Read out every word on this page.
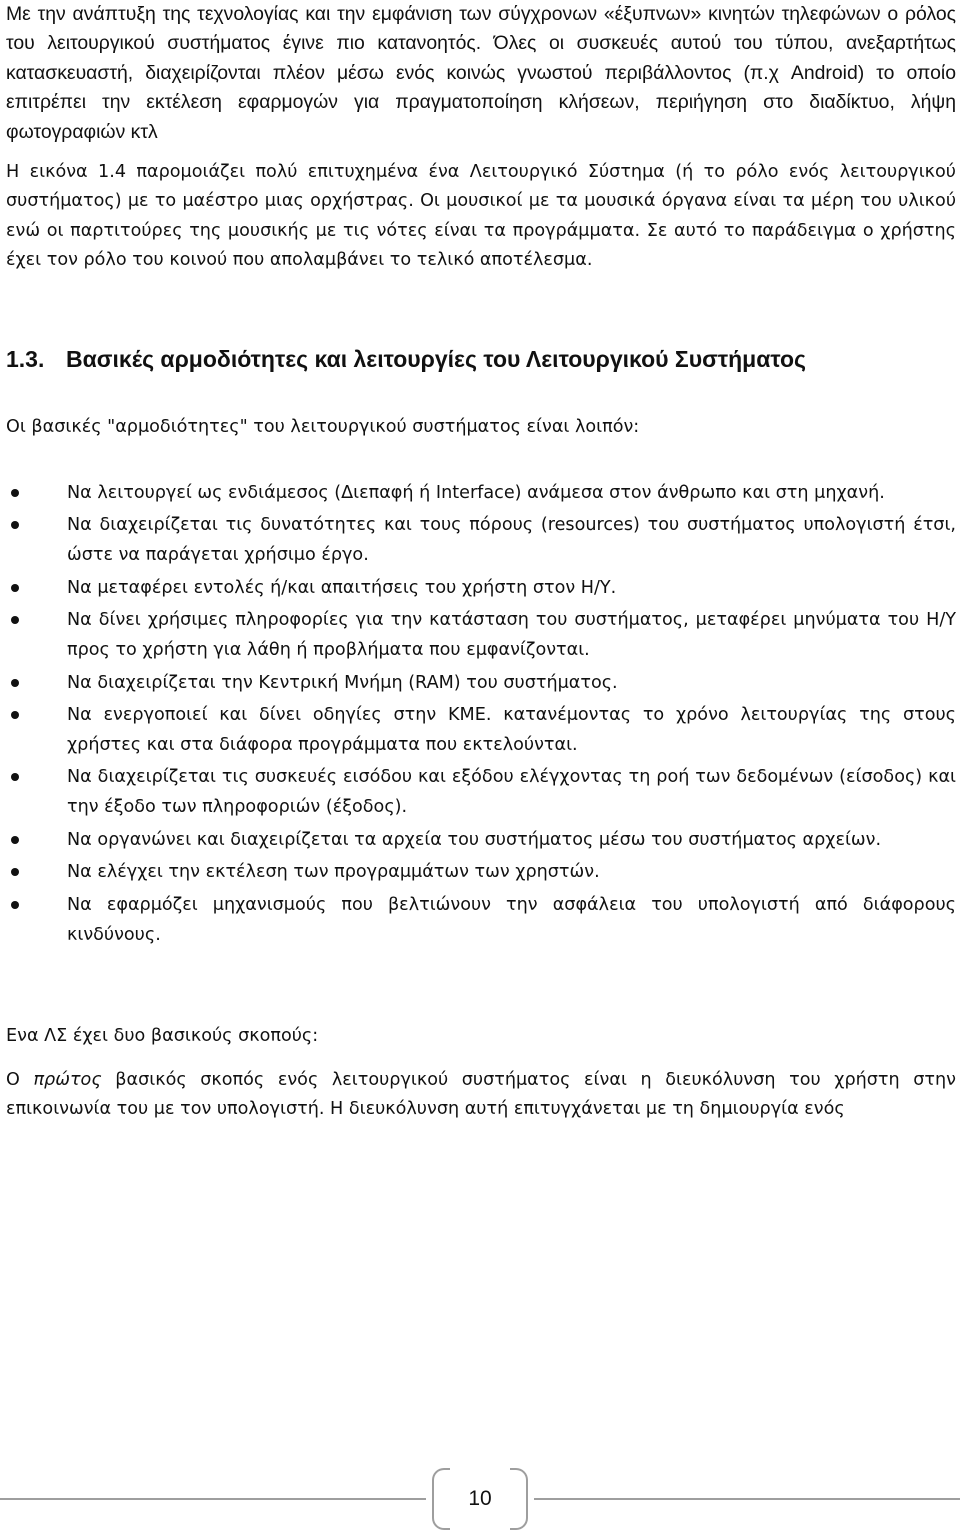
Με την ανάπτυξη της τεχνολογίας και την εμφάνιση των σύγχρονων «έξυπνων» κινητών τηλεφώνων ο ρόλος του λειτουργικού συστήματος έγινε πιο κατανοητός. Όλες οι συσκευές αυτού του τύπου, ανεξαρτήτως κατασκευαστή, διαχειρίζονται πλέον μέσω ενός κοινώς γνωστού περιβάλλοντος (π.χ Android) το οποίο επιτρέπει την εκτέλεση εφαρμογών για πραγματοποίηση κλήσεων, περιήγηση στο διαδίκτυο, λήψη φωτογραφιών κτλ

Η εικόνα 1.4 παρομοιάζει πολύ επιτυχημένα ένα Λειτουργικό Σύστημα (ή το ρόλο ενός λειτουργικού συστήματος) με το μαέστρο μιας ορχήστρας. Οι μουσικοί με τα μουσικά όργανα είναι τα μέρη του υλικού ενώ οι παρτιτούρες της μουσικής με τις νότες είναι τα προγράμματα. Σε αυτό το παράδειγμα ο χρήστης έχει τον ρόλο του κοινού που απολαμβάνει το τελικό αποτέλεσμα.

1.3. Βασικές αρμοδιότητες και λειτουργίες του Λειτουργικού Συστήματος

Οι βασικές "αρμοδιότητες" του λειτουργικού συστήματος είναι λοιπόν:

Να λειτουργεί ως ενδιάμεσος (Διεπαφή ή Interface) ανάμεσα στον άνθρωπο και στη μηχανή.
Να διαχειρίζεται τις δυνατότητες και τους πόρους (resources) του συστήματος υπολογιστή έτσι, ώστε να παράγεται χρήσιμο έργο.
Να μεταφέρει εντολές ή/και απαιτήσεις του χρήστη στον Η/Υ.
Να δίνει χρήσιμες πληροφορίες για την κατάσταση του συστήματος, μεταφέρει μηνύματα του Η/Υ προς το χρήστη για λάθη ή προβλήματα που εμφανίζονται.
Να διαχειρίζεται την Κεντρική Μνήμη (RAM) του συστήματος.
Να ενεργοποιεί και δίνει οδηγίες στην ΚΜΕ. κατανέμοντας το χρόνο λειτουργίας της στους χρήστες και στα διάφορα προγράμματα που εκτελούνται.
Να διαχειρίζεται τις συσκευές εισόδου και εξόδου ελέγχοντας τη ροή των δεδομένων (είσοδος) και την έξοδο των πληροφοριών (έξοδος).
Να οργανώνει και διαχειρίζεται τα αρχεία του συστήματος μέσω του συστήματος αρχείων.
Να ελέγχει την εκτέλεση των προγραμμάτων των χρηστών.
Να εφαρμόζει μηχανισμούς που βελτιώνουν την ασφάλεια του υπολογιστή από διάφορους κινδύνους.

Ενα ΛΣ έχει δυο βασικούς σκοπούς:

Ο πρώτος βασικός σκοπός ενός λειτουργικού συστήματος είναι η διευκόλυνση του χρήστη στην επικοινωνία του με τον υπολογιστή. Η διευκόλυνση αυτή επιτυγχάνεται με τη δημιουργία ενός

10
